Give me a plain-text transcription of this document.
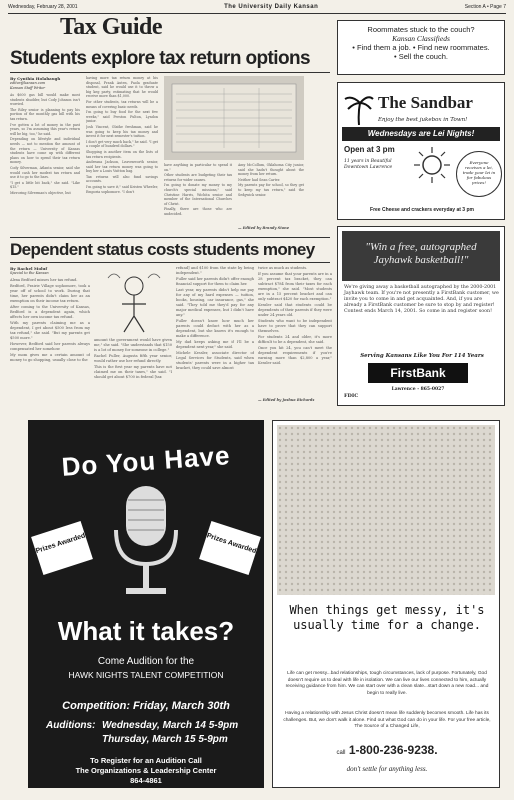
Wednesday, February 28, 2001	The University Daily Kansan	Section A • Page 7
Tax Guide
Students explore tax return options
By Cynthia Holabaugh
editor@kansan.com
Kansan Staff Writer

As $600 gas bill would make most students shudder, but Cody Johnson isn't worried.

The Riley senior is planning to pay his portion of the monthly gas bill with his tax return.

I've gotten a lot of money in the past years, so I'm assuming this year's return will be big, too," he said.

Depending on lifestyle and individual needs — not to mention the amount of the return — University of Kansas students have come up with different plans on how to spend their tax return money.

Cody Silverman, Atlanta senior, said she would cash her modest tax return and use it to go to the bars.

"I get a little bit back," she said. "Like $15."

Mirroring Silverman's objective, but

having more tax return money at his disposal, Frank Auten, Paola graduate student, said he would use it to throw a big keg party, estimating that he would receive more than $1,000.

For other students, tax returns will be a means of covering basic needs.

I'm going to buy food for the next few weeks," said Preston Fulton, Lyndon junior.

Josh Vincent, Olathe freshman, said he was going to keep his tax money and invest it for next semester's tuition.

I don't get very much back," he said. "I get a couple of hundred dollars."

Shopping is another item on the lists of tax return recipients.

Andreana Jackson, Leavenworth senior, said her tax return money was going to buy her a Louis Vuitton bag.

Tax returns will also fund savings accounts.

I'm going to save it," said Kristen Wheeler, Emporia sophomore. "I don't

have anything in particular to spend it on."

Other students are budgeting their tax returns for wider causes.

I'm going to donate my money to my church's special missions," said Christine Harris, Wichita senior and member of the International Churches of Christ.

Finally, there are those who are undecided.

Amy McCollum, Oklahoma City junior, said she hadn't thought about the money from her return.

Neither had Sean Carter.

My parents pay for school, so they get to keep my tax return," said the Sedgwick senior.

— Edited by Brandy Stone
Dependent status costs students money
By Rachel Moluf
Special to the Kansan

Alexa Bedford misses her tax refund.

Bedford, Prairie Village sophomore, took a year off of school to work. During that time, her parents didn't claim her as an exemption on their income tax return.

After coming to the University of Kansas, Bedford is a dependent again, which affects her own income tax refund.

With my parents claiming me as a dependent, I get about $500 less from my tax refund," she said. "But my parents get $500 more."

However, Bedford said her parents always compensated her somehow.

My mom gives me a certain amount of money to go shopping, usually close to the

amount the government would have given me," she said. "She understands that $150 is a lot of money for someone in college."

Rachel Fuller, Augusta fifth year senior, would rather use her refund directly.

This is the first year my parents have not claimed me on their taxes," she said. "I should get about $700 in federal [tax

refund] and $100 from the state by being independent."

Fuller said her parents didn't offer enough financial support for them to claim her.

Last year, my parents didn't help me pay for any of my hard expenses — tuition, books, housing, car insurance, gas," she said. "They told me they'd pay for any major medical expenses, but I didn't have any."

Fuller doesn't know how much her parents could deduct with her as a dependent, but she knows it's enough to make a difference.

My dad keeps asking me if I'll be a dependent next year," she said.

Michele Kessler, associate director of Legal Services for Students, said when students' parents were in a higher tax bracket, they could save almost

twice as much as students.

If you assume that your parents are in a 28 percent tax bracket, they can subtract $784 from their taxes for each exemption," she said. "Most students are in a 15 percent bracket and can only subtract $420 for each exemption."

Kessler said that students could be dependents of their parents if they were under 24 years old.

Students who want to be independent have to prove that they can support themselves.

For students 24 and older, it's more difficult to be a dependent, she said.

Once you hit 24, you can't meet the dependent requirements if you're earning more than $2,800 a year," Kessler said.

— Edited by Joshua Richards
Roommates stuck to the couch?
Kansan Classifieds
• Find them a job. • Find new roommates.
• Sell the couch.
The Sandbar
Enjoy the best jukebox in Town!
Wednesdays are Lei Nights!
Open at 3 pm
11 years in Beautiful Downtown Lawrence
Everyone receives a lei, trade your lei in for fabulous prizes!
Free Cheese and crackers everyday at 3 pm
"Win a free, autographed Jayhawk basketball!"
We're giving away a basketball autographed by the 2000-2001 Jayhawk team. If you're not presently a FirstBank customer, we invite you to come in and get acquainted. And, if you are already a FirstBank customer be sure to stop by and register! Contest ends March 14, 2001. So come in and register soon!
Serving Kansans Like You For 114 Years
FirstBank
Lawrence - 865-0027
FDIC
Do You Have
Prizes Awarded	Prizes Awarded
What it takes?
Come Audition for the
HAWK NIGHTS TALENT COMPETITION
Competition: Friday, March 30th
Auditions: Wednesday, March 14 5-9pm
Thursday, March 15 5-9pm
To Register for an Audition Call
The Organizations & Leadership Center
864-4861
When things get messy, it's usually time for a change.
Life can get messy...bad relationships, tough circumstances, lack of purpose. Fortunately, God doesn't require us to deal with life in isolation. We can live our lives connected to him, actually receiving guidance from him. We can start over with a clean slate...start down a new road... and begin to really live.
Having a relationship with Jesus Christ doesn't mean life suddenly becomes smooth. Life has its challenges. But, we don't walk it alone. Find out what God can do in your life. For your free article, The Source of a Changed Life,
call 1-800-236-9238.
don't settle for anything less.
